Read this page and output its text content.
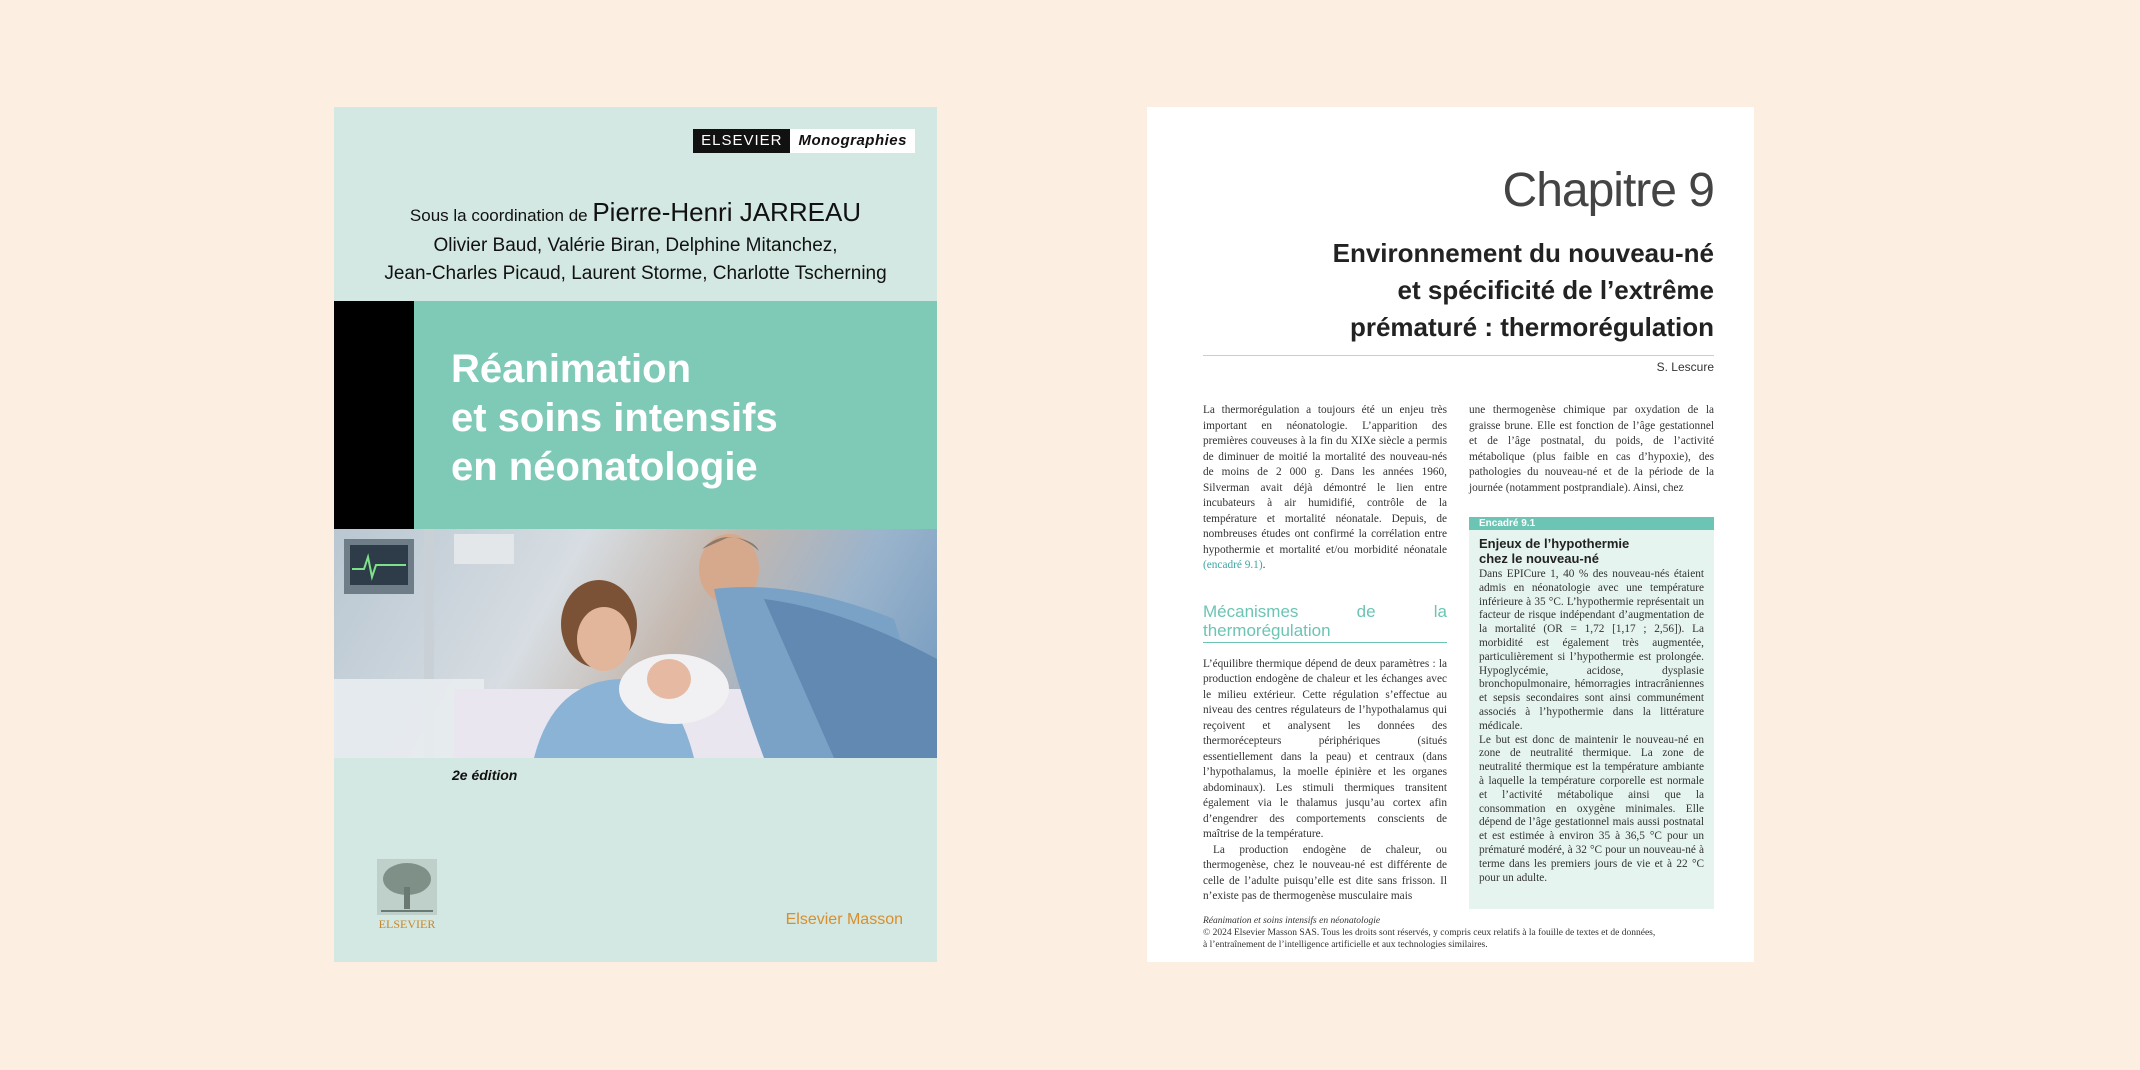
ELSEVIER	Monographies
Sous la coordination de Pierre-Henri JARREAU
Olivier Baud, Valérie Biran, Delphine Mitanchez,
Jean-Charles Picaud, Laurent Storme, Charlotte Tscherning
Réanimation
et soins intensifs
en néonatologie
2e édition
ELSEVIER	Elsevier Masson
Chapitre 9
Environnement du nouveau-né
et spécificité de l’extrême
prématuré : thermorégulation
S. Lescure

La thermorégulation a toujours été un enjeu très important en néonatologie. L’apparition des premières couveuses à la fin du XIXe siècle a permis de diminuer de moitié la mortalité des nouveau-nés de moins de 2 000 g. Dans les années 1960, Silverman avait déjà démontré le lien entre incubateurs à air humidifié, contrôle de la température et mortalité néonatale. Depuis, de nombreuses études ont confirmé la corrélation entre hypothermie et mortalité et/ou morbidité néonatale (encadré 9.1).

Mécanismes de la thermorégulation

L’équilibre thermique dépend de deux paramètres : la production endogène de chaleur et les échanges avec le milieu extérieur. Cette régulation s’effectue au niveau des centres régulateurs de l’hypothalamus qui reçoivent et analysent les données des thermorécepteurs périphériques (situés essentiellement dans la peau) et centraux (dans l’hypothalamus, la moelle épinière et les organes abdominaux). Les stimuli thermiques transitent également via le thalamus jusqu’au cortex afin d’engendrer des comportements conscients de maîtrise de la température.

La production endogène de chaleur, ou thermogenèse, chez le nouveau-né est différente de celle de l’adulte puisqu’elle est dite sans frisson. Il n’existe pas de thermogenèse musculaire mais

une thermogenèse chimique par oxydation de la graisse brune. Elle est fonction de l’âge gestationnel et de l’âge postnatal, du poids, de l’activité métabolique (plus faible en cas d’hypoxie), des pathologies du nouveau-né et de la période de la journée (notamment postprandiale). Ainsi, chez

Encadré 9.1
Enjeux de l’hypothermie
chez le nouveau-né

Dans EPICure 1, 40 % des nouveau-nés étaient admis en néonatologie avec une température inférieure à 35 °C. L’hypothermie représentait un facteur de risque indépendant d’augmentation de la mortalité (OR = 1,72 [1,17 ; 2,56]). La morbidité est également très augmentée, particulièrement si l’hypothermie est prolongée. Hypoglycémie, acidose, dysplasie bronchopulmonaire, hémorragies intracrâniennes et sepsis secondaires sont ainsi communément associés à l’hypothermie dans la littérature médicale.

Le but est donc de maintenir le nouveau-né en zone de neutralité thermique. La zone de neutralité thermique est la température ambiante à laquelle la température corporelle est normale et l’activité métabolique ainsi que la consommation en oxygène minimales. Elle dépend de l’âge gestationnel mais aussi postnatal et est estimée à environ 35 à 36,5 °C pour un prématuré modéré, à 32 °C pour un nouveau-né à terme dans les premiers jours de vie et à 22 °C pour un adulte.

Réanimation et soins intensifs en néonatologie
© 2024 Elsevier Masson SAS. Tous les droits sont réservés, y compris ceux relatifs à la fouille de textes et de données,
à l’entraînement de l’intelligence artificielle et aux technologies similaires.
